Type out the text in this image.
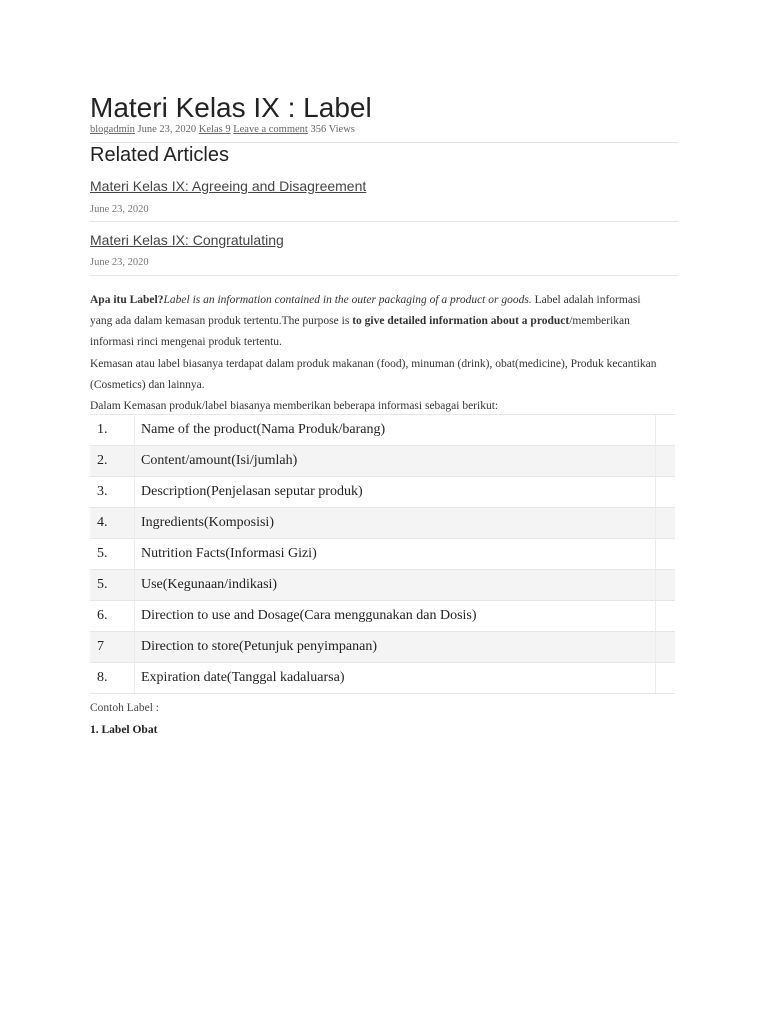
Materi Kelas IX : Label
blogadmin June 23, 2020 Kelas 9 Leave a comment 356 Views
Related Articles
Materi Kelas IX: Agreeing and Disagreement
June 23, 2020
Materi Kelas IX: Congratulating
June 23, 2020
Apa itu Label?Label is an information contained in the outer packaging of a product or goods. Label adalah informasi yang ada dalam kemasan produk tertentu.The purpose is to give detailed information about a product/memberikan informasi rinci mengenai produk tertentu.
Kemasan atau label biasanya terdapat dalam produk makanan (food), minuman (drink), obat(medicine), Produk kecantikan (Cosmetics) dan lainnya.
Dalam Kemasan produk/label biasanya memberikan beberapa informasi sebagai berikut:
1.	Name of the product(Nama Produk/barang)	
2.	Content/amount(Isi/jumlah)	
3.	Description(Penjelasan seputar produk)	
4.	Ingredients(Komposisi)	
5.	Nutrition Facts(Informasi Gizi)	
5.	Use(Kegunaan/indikasi)	
6.	Direction to use and Dosage(Cara menggunakan dan Dosis)	
7	Direction to store(Petunjuk penyimpanan)	
8.	Expiration date(Tanggal kadaluarsa)	
Contoh Label :
1. Label Obat
